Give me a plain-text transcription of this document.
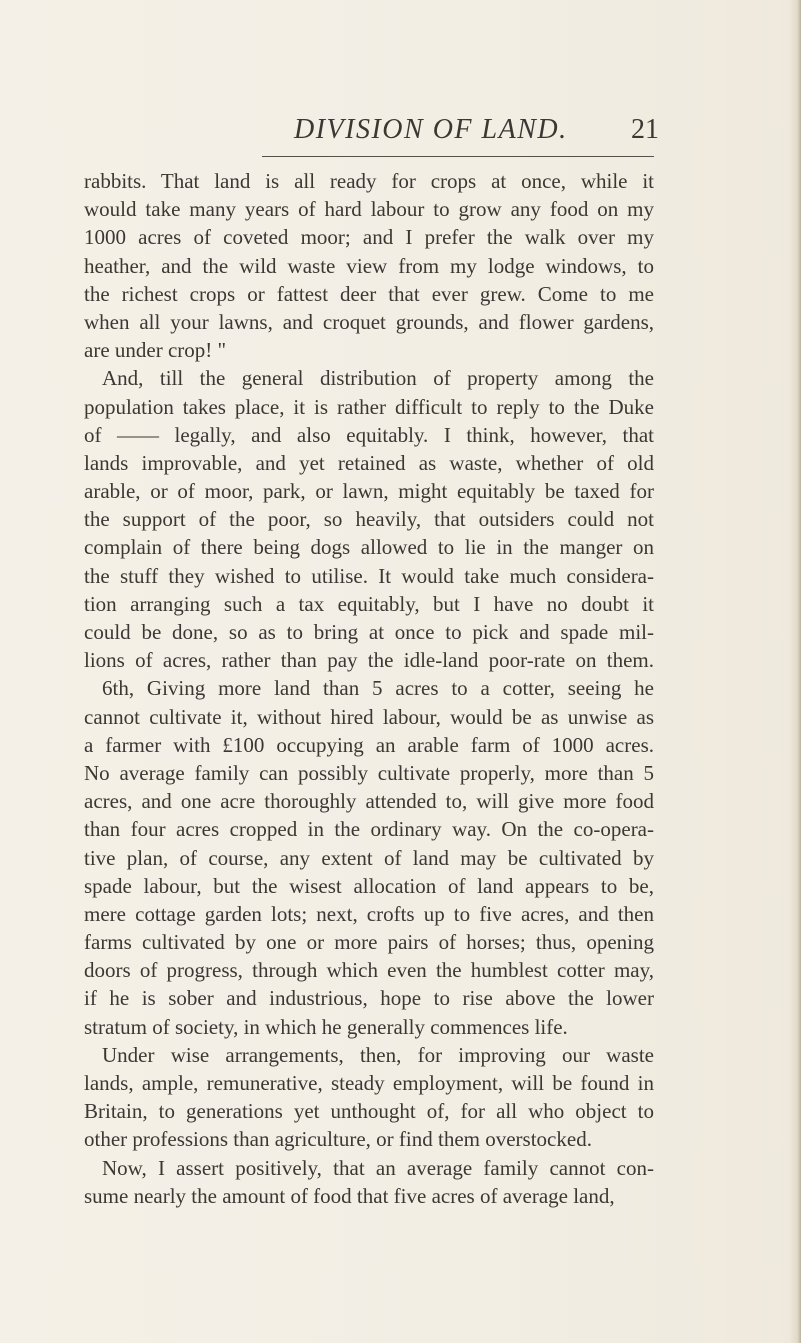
DIVISION OF LAND. 21
rabbits. That land is all ready for crops at once, while it
would take many years of hard labour to grow any food on my
1000 acres of coveted moor; and I prefer the walk over my
heather, and the wild waste view from my lodge windows, to
the richest crops or fattest deer that ever grew. Come to me
when all your lawns, and croquet grounds, and flower gardens,
are under crop! "
And, till the general distribution of property among the
population takes place, it is rather difficult to reply to the Duke
of —— legally, and also equitably. I think, however, that
lands improvable, and yet retained as waste, whether of old
arable, or of moor, park, or lawn, might equitably be taxed for
the support of the poor, so heavily, that outsiders could not
complain of there being dogs allowed to lie in the manger on
the stuff they wished to utilise. It would take much considera-
tion arranging such a tax equitably, but I have no doubt it
could be done, so as to bring at once to pick and spade mil-
lions of acres, rather than pay the idle-land poor-rate on them.
6th, Giving more land than 5 acres to a cotter, seeing he
cannot cultivate it, without hired labour, would be as unwise as
a farmer with £100 occupying an arable farm of 1000 acres.
No average family can possibly cultivate properly, more than 5
acres, and one acre thoroughly attended to, will give more food
than four acres cropped in the ordinary way. On the co-opera-
tive plan, of course, any extent of land may be cultivated by
spade labour, but the wisest allocation of land appears to be,
mere cottage garden lots; next, crofts up to five acres, and then
farms cultivated by one or more pairs of horses; thus, opening
doors of progress, through which even the humblest cotter may,
if he is sober and industrious, hope to rise above the lower
stratum of society, in which he generally commences life.
Under wise arrangements, then, for improving our waste
lands, ample, remunerative, steady employment, will be found in
Britain, to generations yet unthought of, for all who object to
other professions than agriculture, or find them overstocked.
Now, I assert positively, that an average family cannot con-
sume nearly the amount of food that five acres of average land,
